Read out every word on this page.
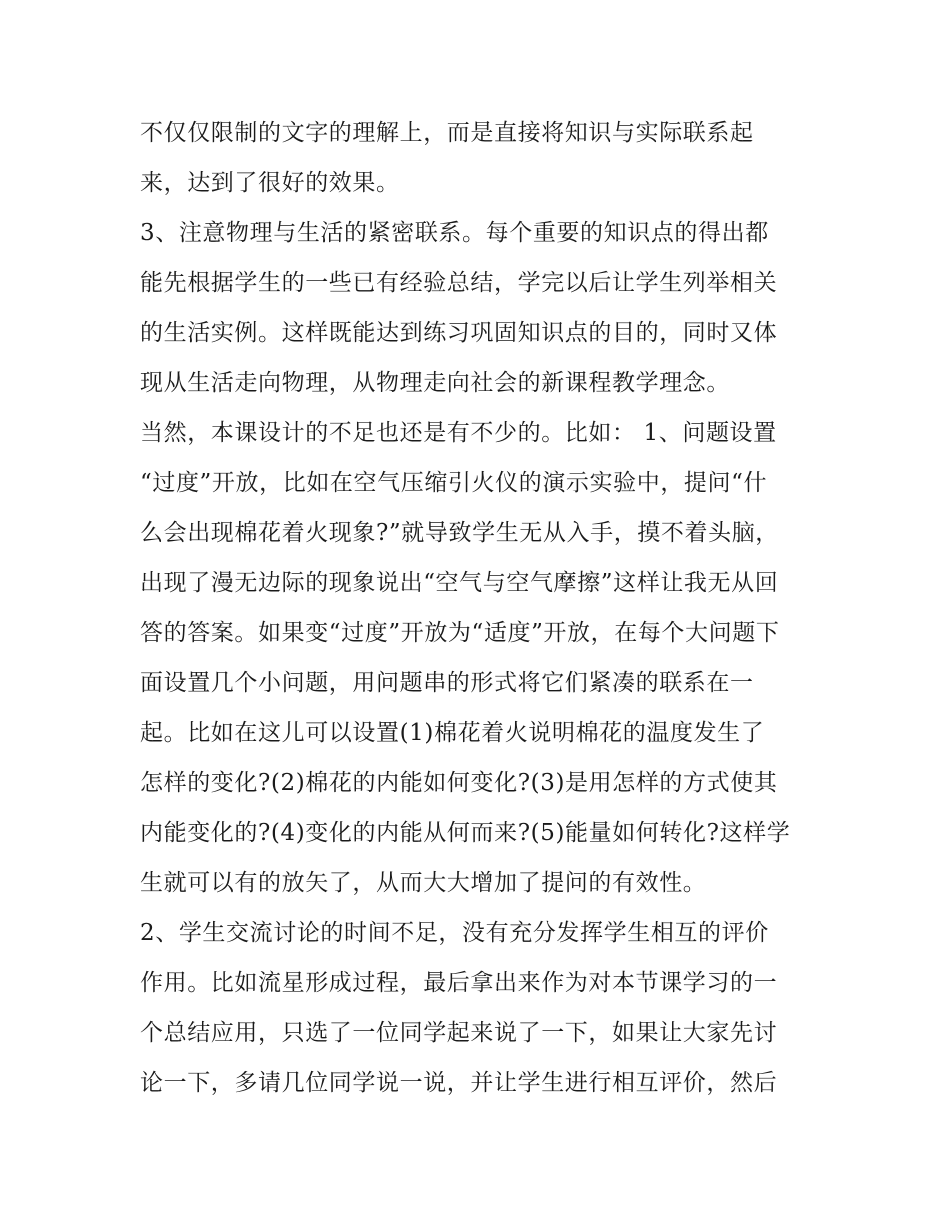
不仅仅限制的文字的理解上，而是直接将知识与实际联系起
来，达到了很好的效果。
3、注意物理与生活的紧密联系。每个重要的知识点的得出都
能先根据学生的一些已有经验总结，学完以后让学生列举相关
的生活实例。这样既能达到练习巩固知识点的目的，同时又体
现从生活走向物理，从物理走向社会的新课程教学理念。
当然，本课设计的不足也还是有不少的。比如： 1、问题设置
“过度”开放，比如在空气压缩引火仪的演示实验中，提问“什
么会出现棉花着火现象?”就导致学生无从入手，摸不着头脑，
出现了漫无边际的现象说出“空气与空气摩擦”这样让我无从回
答的答案。如果变“过度”开放为“适度”开放，在每个大问题下
面设置几个小问题，用问题串的形式将它们紧凑的联系在一
起。比如在这儿可以设置(1)棉花着火说明棉花的温度发生了
怎样的变化?(2)棉花的内能如何变化?(3)是用怎样的方式使其
内能变化的?(4)变化的内能从何而来?(5)能量如何转化?这样学
生就可以有的放矢了，从而大大增加了提问的有效性。
2、学生交流讨论的时间不足，没有充分发挥学生相互的评价
作用。比如流星形成过程，最后拿出来作为对本节课学习的一
个总结应用，只选了一位同学起来说了一下，如果让大家先讨
论一下，多请几位同学说一说，并让学生进行相互评价，然后
